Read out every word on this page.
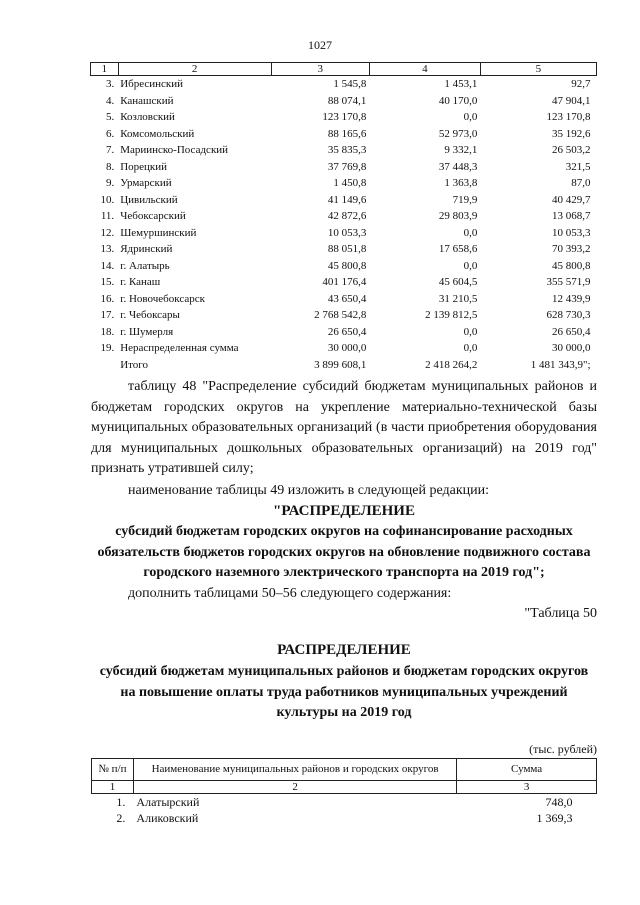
1027
1	2	3	4	5
3.	Ибресинский	1 545,8	1 453,1	92,7
4.	Канашский	88 074,1	40 170,0	47 904,1
5.	Козловский	123 170,8	0,0	123 170,8
6.	Комсомольский	88 165,6	52 973,0	35 192,6
7.	Мариинско-Посадский	35 835,3	9 332,1	26 503,2
8.	Порецкий	37 769,8	37 448,3	321,5
9.	Урмарский	1 450,8	1 363,8	87,0
10.	Цивильский	41 149,6	719,9	40 429,7
11.	Чебоксарский	42 872,6	29 803,9	13 068,7
12.	Шемуршинский	10 053,3	0,0	10 053,3
13.	Ядринский	88 051,8	17 658,6	70 393,2
14.	г. Алатырь	45 800,8	0,0	45 800,8
15.	г. Канаш	401 176,4	45 604,5	355 571,9
16.	г. Новочебоксарск	43 650,4	31 210,5	12 439,9
17.	г. Чебоксары	2 768 542,8	2 139 812,5	628 730,3
18.	г. Шумерля	26 650,4	0,0	26 650,4
19.	Нераспределенная сумма	30 000,0	0,0	30 000,0
	Итого	3 899 608,1	2 418 264,2	1 481 343,9";
таблицу 48 "Распределение субсидий бюджетам муниципальных районов и бюджетам городских округов на укрепление материально-технической базы муниципальных образовательных организаций (в части приобретения оборудования для муниципальных дошкольных образовательных организаций) на 2019 год" признать утратившей силу;
наименование таблицы 49 изложить в следующей редакции:
"РАСПРЕДЕЛЕНИЕ
субсидий бюджетам городских округов на софинансирование расходных обязательств бюджетов городских округов на обновление подвижного состава городского наземного электрического транспорта на 2019 год";
дополнить таблицами 50–56 следующего содержания:
"Таблица 50
РАСПРЕДЕЛЕНИЕ
субсидий бюджетам муниципальных районов и бюджетам городских округов на повышение оплаты труда работников муниципальных учреждений культуры на 2019 год
(тыс. рублей)
№ п/п	Наименование муниципальных районов и городских округов	Сумма
1	2	3
1.	Алатырский	748,0
2.	Аликовский	1 369,3
